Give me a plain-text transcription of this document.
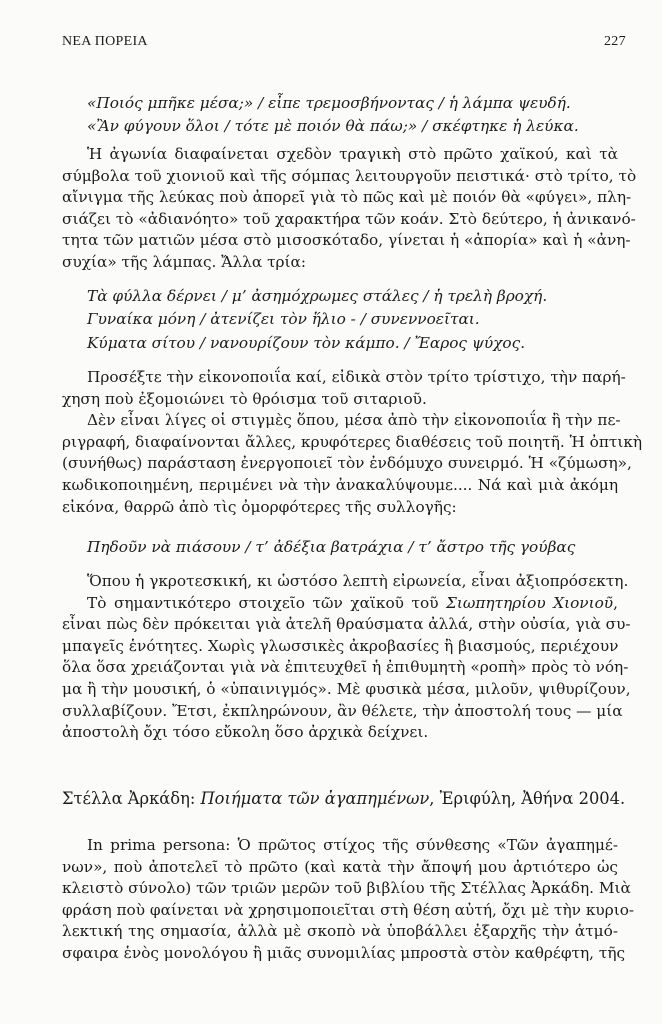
ΝΕΑ ΠΟΡΕΙΑ	227
«Ποιός μπῆκε μέσα;» / εἶπε τρεμοσβήνοντας / ἡ λάμπα ψευδή.
«Ἂν φύγουν ὅλοι / τότε μὲ ποιόν θὰ πάω;» / σκέφτηκε ἡ λεύκα.
Ἡ ἀγωνία διαφαίνεται σχεδὸν τραγικὴ στὸ πρῶτο χαϊκού, καὶ τὰ
σύμβολα τοῦ χιονιοῦ καὶ τῆς σόμπας λειτουργοῦν πειστικά· στὸ τρίτο, τὸ
αἴνιγμα τῆς λεύκας ποὺ ἀπορεῖ γιὰ τὸ πῶς καὶ μὲ ποιόν θὰ «φύγει», πλη-
σιάζει τὸ «ἀδιανόητο» τοῦ χαρακτήρα τῶν κοάν. Στὸ δεύτερο, ἡ ἀνικανό-
τητα τῶν ματιῶν μέσα στὸ μισοσκόταδο, γίνεται ἡ «ἀπορία» καὶ ἡ «ἀνη-
συχία» τῆς λάμπας. Ἄλλα τρία:
Τὰ φύλλα δέρνει / μ’ ἀσημόχρωμες στάλες / ἡ τρελὴ βροχή.
Γυναίκα μόνη / ἀτενίζει τὸν ἥλιο - / συνεννοεῖται.
Κύματα σίτου / νανουρίζουν τὸν κάμπο. / Ἔαρος ψύχος.
Προσέξτε τὴν εἰκονοποιΐα καί, εἰδικὰ στὸν τρίτο τρίστιχο, τὴν παρή-
χηση ποὺ ἐξομοιώνει τὸ θρόισμα τοῦ σιταριοῦ.
Δὲν εἶναι λίγες οἱ στιγμὲς ὅπου, μέσα ἀπὸ τὴν εἰκονοποιΐα ἢ τὴν πε-
ριγραφή, διαφαίνονται ἄλλες, κρυφότερες διαθέσεις τοῦ ποιητῆ. Ἡ ὀπτικὴ
(συνήθως) παράσταση ἐνεργοποιεῖ τὸν ἐνδόμυχο συνειρμό. Ἡ «ζύμωση»,
κωδικοποιημένη, περιμένει νὰ τὴν ἀνακαλύψουμε.... Νά καὶ μιὰ ἀκόμη
εἰκόνα, θαρρῶ ἀπὸ τὶς ὀμορφότερες τῆς συλλογῆς:
Πηδοῦν νὰ πιάσουν / τ’ ἀδέξια βατράχια / τ’ ἄστρο τῆς γούβας
Ὅπου ἡ γκροτεσκική, κι ὡστόσο λεπτὴ εἰρωνεία, εἶναι ἀξιοπρόσεκτη.
Τὸ σημαντικότερο στοιχεῖο τῶν χαϊκοῦ τοῦ Σιωπητηρίου Χιονιοῦ,
εἶναι πὼς δὲν πρόκειται γιὰ ἀτελῆ θραύσματα ἀλλά, στὴν οὐσία, γιὰ συ-
μπαγεῖς ἑνότητες. Χωρὶς γλωσσικὲς ἀκροβασίες ἢ βιασμούς, περιέχουν
ὅλα ὅσα χρειάζονται γιὰ νὰ ἐπιτευχθεῖ ἡ ἐπιθυμητὴ «ροπὴ» πρὸς τὸ νόη-
μα ἢ τὴν μουσική, ὁ «ὑπαινιγμός». Μὲ φυσικὰ μέσα, μιλοῦν, ψιθυρίζουν,
συλλαβίζουν. Ἔτσι, ἐκπληρώνουν, ἂν θέλετε, τὴν ἀποστολή τους — μία
ἀποστολὴ ὄχι τόσο εὔκολη ὅσο ἀρχικὰ δείχνει.
Στέλλα Ἀρκάδη: Ποιήματα τῶν ἀγαπημένων, Ἐριφύλη, Ἀθήνα 2004.
In prima persona: Ὁ πρῶτος στίχος τῆς σύνθεσης «Τῶν ἀγαπημέ-
νων», ποὺ ἀποτελεῖ τὸ πρῶτο (καὶ κατὰ τὴν ἄποψή μου ἀρτιότερο ὡς
κλειστὸ σύνολο) τῶν τριῶν μερῶν τοῦ βιβλίου τῆς Στέλλας Ἀρκάδη. Μιὰ
φράση ποὺ φαίνεται νὰ χρησιμοποιεῖται στὴ θέση αὐτή, ὄχι μὲ τὴν κυριο-
λεκτική της σημασία, ἀλλὰ μὲ σκοπὸ νὰ ὑποβάλλει ἐξαρχῆς τὴν ἀτμό-
σφαιρα ἑνὸς μονολόγου ἢ μιᾶς συνομιλίας μπροστὰ στὸν καθρέφτη, τῆς
